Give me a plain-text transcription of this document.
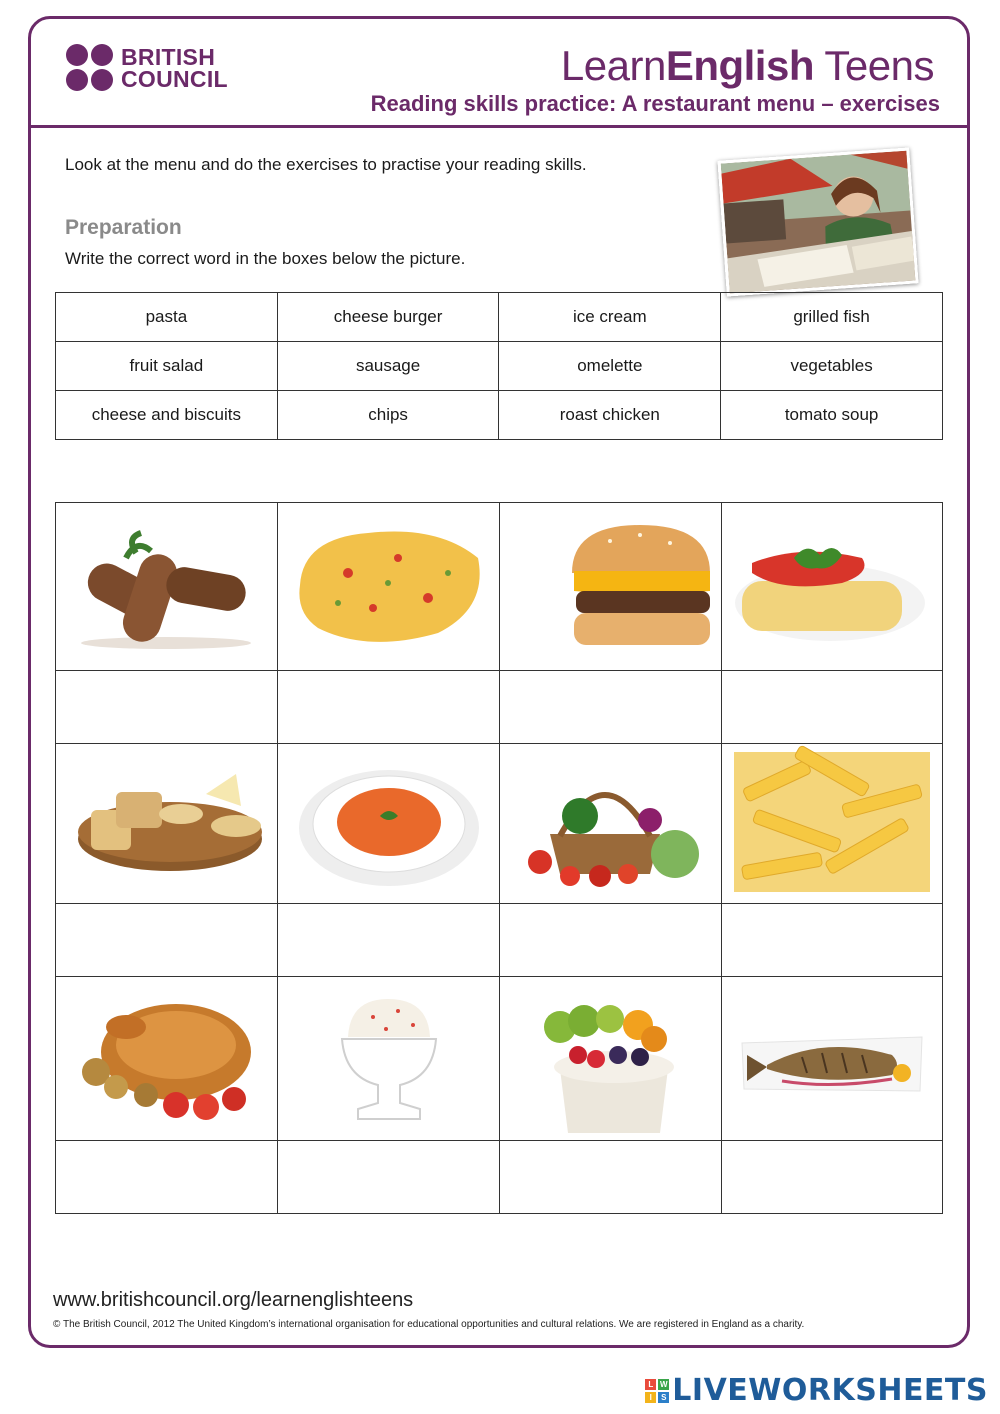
BRITISH
COUNCIL	LearnEnglish Teens
Reading skills practice: A restaurant menu – exercises
Look at the menu and do the exercises to practise your reading skills.
Preparation
Write the correct word in the boxes below the picture.
pasta	cheese burger	ice cream	grilled fish
fruit salad	sausage	omelette	vegetables
cheese and biscuits	chips	roast chicken	tomato soup
www.britishcouncil.org/learnenglishteens
© The British Council, 2012 The United Kingdom’s international organisation for educational opportunities and cultural relations. We are registered in England as a charity.
L W
I	S LIVEWORKSHEETS
